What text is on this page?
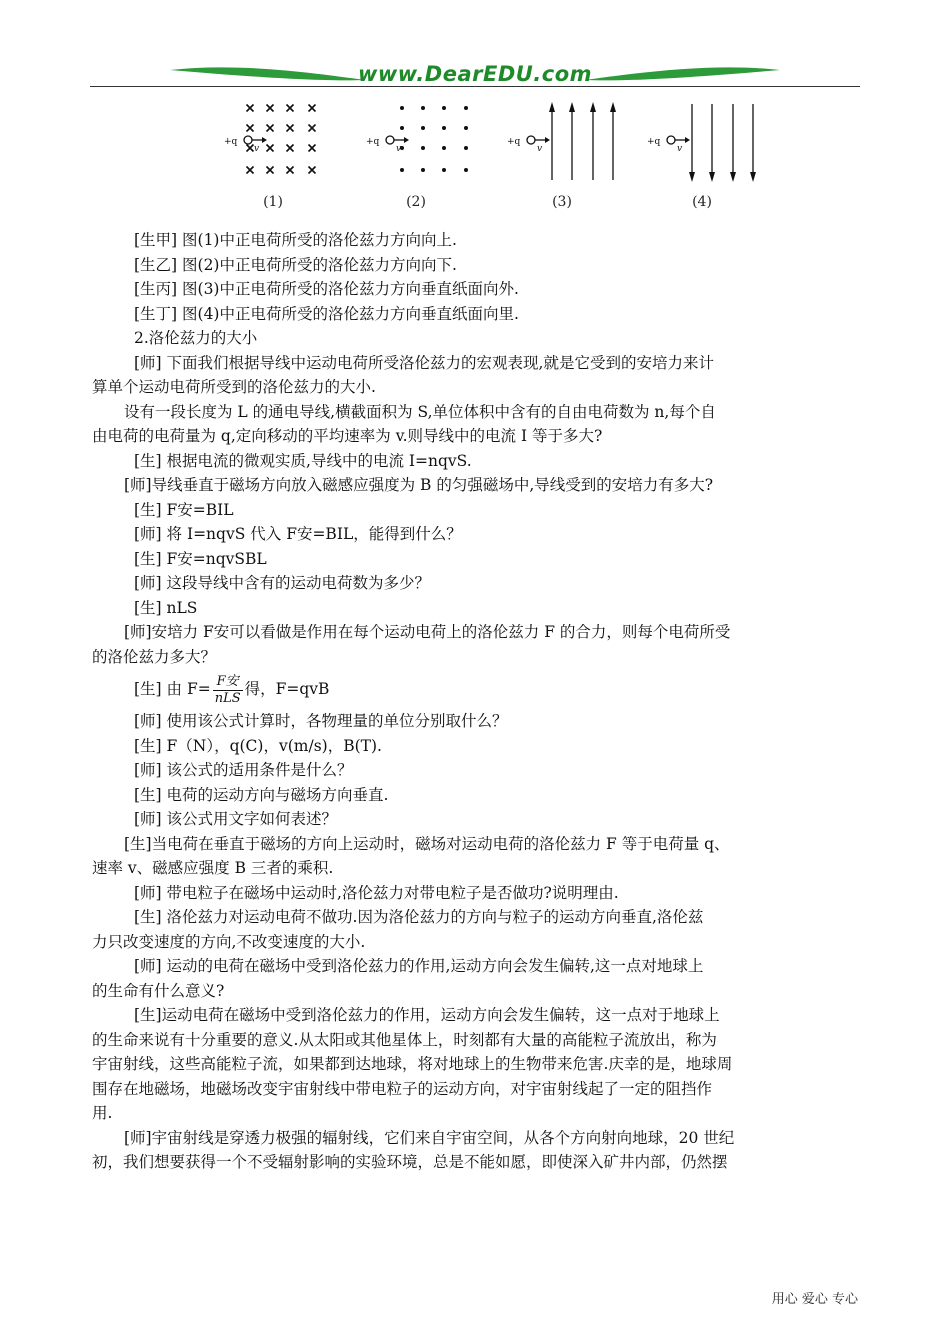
www.DearEDU.com
+q
v
+q
v
+q
v
+q
v
(1)	(2)	(3)	(4)

[生甲] 图(1)中正电荷所受的洛伦兹力方向向上.

[生乙] 图(2)中正电荷所受的洛伦兹力方向向下.

[生丙] 图(3)中正电荷所受的洛伦兹力方向垂直纸面向外.

[生丁] 图(4)中正电荷所受的洛伦兹力方向垂直纸面向里.

2.洛伦兹力的大小

[师] 下面我们根据导线中运动电荷所受洛伦兹力的宏观表现,就是它受到的安培力来计

算单个运动电荷所受到的洛伦兹力的大小.

设有一段长度为 L 的通电导线,横截面积为 S,单位体积中含有的自由电荷数为 n,每个自

由电荷的电荷量为 q,定向移动的平均速率为 v.则导线中的电流 I 等于多大?

[生] 根据电流的微观实质,导线中的电流 I=nqvS.

[师]导线垂直于磁场方向放入磁感应强度为 B 的匀强磁场中,导线受到的安培力有多大?

[生] F安=BIL

[师] 将 I=nqvS 代入 F安=BIL，能得到什么？

[生] F安=nqvSBL

[师] 这段导线中含有的运动电荷数为多少？

[生] nLS

[师]安培力 F安可以看做是作用在每个运动电荷上的洛伦兹力 F 的合力，则每个电荷所受

的洛伦兹力多大？

[生] 由 $F= \frac{\text{F安}}{\text{nLS}}$ 得，F=qvB

[师] 使用该公式计算时，各物理量的单位分别取什么？

[生] F（N），q(C)，v(m/s)，B(T).

[师] 该公式的适用条件是什么？

[生] 电荷的运动方向与磁场方向垂直.

[师] 该公式用文字如何表述？

[生]当电荷在垂直于磁场的方向上运动时，磁场对运动电荷的洛伦兹力 F 等于电荷量 q、

速率 v、磁感应强度 B 三者的乘积.

[师] 带电粒子在磁场中运动时,洛伦兹力对带电粒子是否做功?说明理由.

[生] 洛伦兹力对运动电荷不做功.因为洛伦兹力的方向与粒子的运动方向垂直,洛伦兹

力只改变速度的方向,不改变速度的大小.

[师] 运动的电荷在磁场中受到洛伦兹力的作用,运动方向会发生偏转,这一点对地球上

的生命有什么意义?

[生]运动电荷在磁场中受到洛伦兹力的作用，运动方向会发生偏转，这一点对于地球上

的生命来说有十分重要的意义.从太阳或其他星体上，时刻都有大量的高能粒子流放出，称为

宇宙射线，这些高能粒子流，如果都到达地球，将对地球上的生物带来危害.庆幸的是，地球周

围存在地磁场，地磁场改变宇宙射线中带电粒子的运动方向，对宇宙射线起了一定的阻挡作

用.

[师]宇宙射线是穿透力极强的辐射线，它们来自宇宙空间，从各个方向射向地球，20 世纪

初，我们想要获得一个不受辐射影响的实验环境，总是不能如愿，即使深入矿井内部，仍然摆

用心 爱心 专心
